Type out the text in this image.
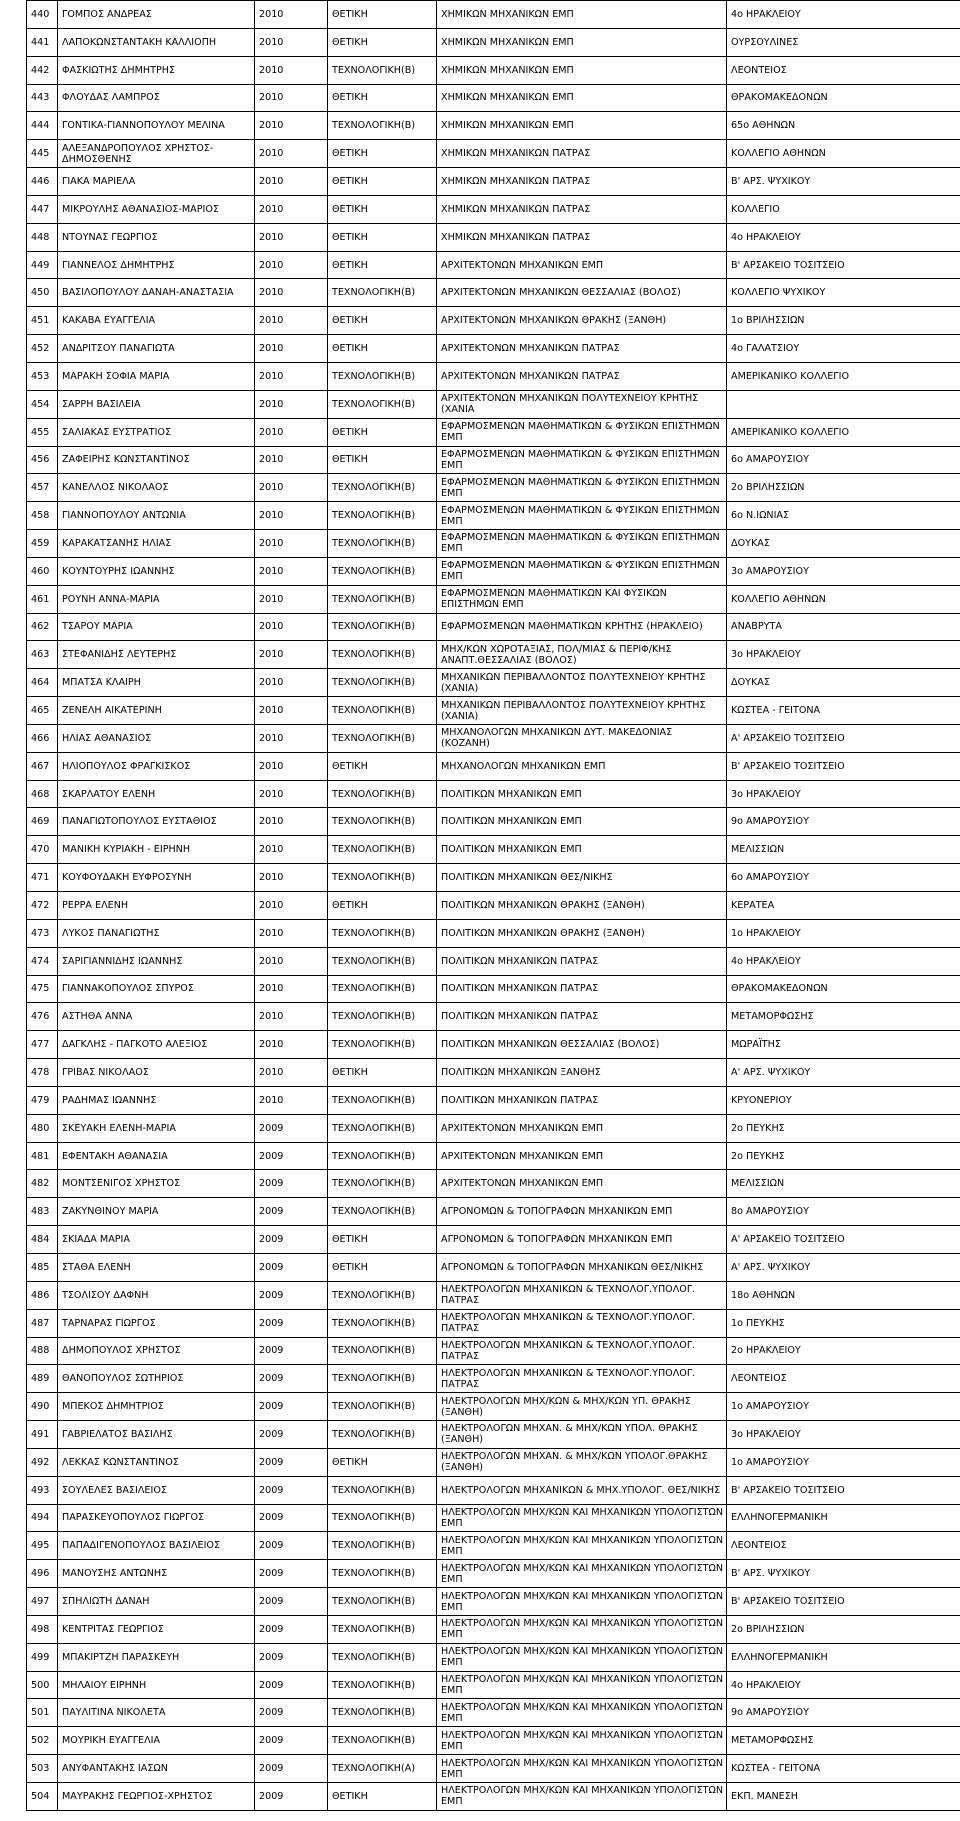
440	ΓΟΜΠΟΣ ΑΝΔΡΕΑΣ	2010	ΘΕΤΙΚΗ	ΧΗΜΙΚΩΝ ΜΗΧΑΝΙΚΩΝ ΕΜΠ	4ο ΗΡΑΚΛΕΙΟΥ
441	ΛΑΠΟΚΩΝΣΤΑΝΤΑΚΗ ΚΑΛΛΙΟΠΗ	2010	ΘΕΤΙΚΗ	ΧΗΜΙΚΩΝ ΜΗΧΑΝΙΚΩΝ ΕΜΠ	ΟΥΡΣΟΥΛΙΝΕΣ
442	ΦΑΣΚΙΩΤΗΣ ΔΗΜΗΤΡΗΣ	2010	ΤΕΧΝΟΛΟΓΙΚΗ(Β)	ΧΗΜΙΚΩΝ ΜΗΧΑΝΙΚΩΝ ΕΜΠ	ΛΕΟΝΤΕΙΟΣ
443	ΦΛΟΥΔΑΣ ΛΑΜΠΡΟΣ	2010	ΘΕΤΙΚΗ	ΧΗΜΙΚΩΝ ΜΗΧΑΝΙΚΩΝ ΕΜΠ	ΘΡΑΚΟΜΑΚΕΔΟΝΩΝ
444	ΓΟΝΤΙΚΑ-ΓΙΑΝΝΟΠΟΥΛΟΥ ΜΕΛΙΝΑ	2010	ΤΕΧΝΟΛΟΓΙΚΗ(Β)	ΧΗΜΙΚΩΝ ΜΗΧΑΝΙΚΩΝ ΕΜΠ	65ο ΑΘΗΝΩΝ
445	ΑΛΕΞΑΝΔΡΟΠΟΥΛΟΣ ΧΡΗΣΤΟΣ-ΔΗΜΟΣΘΕΝΗΣ	2010	ΘΕΤΙΚΗ	ΧΗΜΙΚΩΝ ΜΗΧΑΝΙΚΩΝ ΠΑΤΡΑΣ	ΚΟΛΛΕΓΙΟ ΑΘΗΝΩΝ
446	ΓΙΑΚΑ ΜΑΡΙΕΛΑ	2010	ΘΕΤΙΚΗ	ΧΗΜΙΚΩΝ ΜΗΧΑΝΙΚΩΝ ΠΑΤΡΑΣ	Β' ΑΡΣ. ΨΥΧΙΚΟΥ
447	ΜΙΚΡΟΥΛΗΣ ΑΘΑΝΑΣΙΟΣ-ΜΑΡΙΟΣ	2010	ΘΕΤΙΚΗ	ΧΗΜΙΚΩΝ ΜΗΧΑΝΙΚΩΝ ΠΑΤΡΑΣ	ΚΟΛΛΕΓΙΟ
448	ΝΤΟΥΝΑΣ ΓΕΩΡΓΙΟΣ	2010	ΘΕΤΙΚΗ	ΧΗΜΙΚΩΝ ΜΗΧΑΝΙΚΩΝ ΠΑΤΡΑΣ	4ο ΗΡΑΚΛΕΙΟΥ
449	ΓΙΑΝΝΕΛΟΣ ΔΗΜΗΤΡΗΣ	2010	ΘΕΤΙΚΗ	ΑΡΧΙΤΕΚΤΟΝΩΝ ΜΗΧΑΝΙΚΩΝ ΕΜΠ	Β' ΑΡΣΑΚΕΙΟ ΤΟΣΙΤΣΕΙΟ
450	ΒΑΣΙΛΟΠΟΥΛΟΥ ΔΑΝΑΗ-ΑΝΑΣΤΑΣΙΑ	2010	ΤΕΧΝΟΛΟΓΙΚΗ(Β)	ΑΡΧΙΤΕΚΤΟΝΩΝ ΜΗΧΑΝΙΚΩΝ ΘΕΣΣΑΛΙΑΣ (ΒΟΛΟΣ)	ΚΟΛΛΕΓΙΟ ΨΥΧΙΚΟΥ
451	ΚΑΚΑΒΑ ΕΥΑΓΓΕΛΙΑ	2010	ΘΕΤΙΚΗ	ΑΡΧΙΤΕΚΤΟΝΩΝ ΜΗΧΑΝΙΚΩΝ ΘΡΑΚΗΣ (ΞΑΝΘΗ)	1ο ΒΡΙΛΗΣΣΙΩΝ
452	ΑΝΔΡΙΤΣΟΥ ΠΑΝΑΓΙΩΤΑ	2010	ΘΕΤΙΚΗ	ΑΡΧΙΤΕΚΤΟΝΩΝ ΜΗΧΑΝΙΚΩΝ ΠΑΤΡΑΣ	4ο ΓΑΛΑΤΣΙΟΥ
453	ΜΑΡΑΚΗ ΣΟΦΙΑ ΜΑΡΙΑ	2010	ΤΕΧΝΟΛΟΓΙΚΗ(Β)	ΑΡΧΙΤΕΚΤΟΝΩΝ ΜΗΧΑΝΙΚΩΝ ΠΑΤΡΑΣ	ΑΜΕΡΙΚΑΝΙΚΟ ΚΟΛΛΕΓΙΟ
454	ΣΑΡΡΗ ΒΑΣΙΛΕΙΑ	2010	ΤΕΧΝΟΛΟΓΙΚΗ(Β)	ΑΡΧΙΤΕΚΤΟΝΩΝ ΜΗΧΑΝΙΚΩΝ ΠΟΛΥΤΕΧΝΕΙΟΥ ΚΡΗΤΗΣ (ΧΑΝΙΑ	
455	ΣΑΛΙΑΚΑΣ ΕΥΣΤΡΑΤΙΟΣ	2010	ΘΕΤΙΚΗ	ΕΦΑΡΜΟΣΜΕΝΩΝ ΜΑΘΗΜΑΤΙΚΩΝ & ΦΥΣΙΚΩΝ ΕΠΙΣΤΗΜΩΝ ΕΜΠ	ΑΜΕΡΙΚΑΝΙΚΟ ΚΟΛΛΕΓΙΟ
456	ΖΑΦΕΙΡΗΣ ΚΩΝΣΤΑΝΤΙΝΟΣ	2010	ΘΕΤΙΚΗ	ΕΦΑΡΜΟΣΜΕΝΩΝ ΜΑΘΗΜΑΤΙΚΩΝ & ΦΥΣΙΚΩΝ ΕΠΙΣΤΗΜΩΝ ΕΜΠ	6ο ΑΜΑΡΟΥΣΙΟΥ
457	ΚΑΝΕΛΛΟΣ ΝΙΚΟΛΑΟΣ	2010	ΤΕΧΝΟΛΟΓΙΚΗ(Β)	ΕΦΑΡΜΟΣΜΕΝΩΝ ΜΑΘΗΜΑΤΙΚΩΝ & ΦΥΣΙΚΩΝ ΕΠΙΣΤΗΜΩΝ ΕΜΠ	2ο ΒΡΙΛΗΣΣΙΩΝ
458	ΓΙΑΝΝΟΠΟΥΛΟΥ ΑΝΤΩΝΙΑ	2010	ΤΕΧΝΟΛΟΓΙΚΗ(Β)	ΕΦΑΡΜΟΣΜΕΝΩΝ ΜΑΘΗΜΑΤΙΚΩΝ & ΦΥΣΙΚΩΝ ΕΠΙΣΤΗΜΩΝ ΕΜΠ	6ο Ν.ΙΩΝΙΑΣ
459	ΚΑΡΑΚΑΤΣΑΝΗΣ ΗΛΙΑΣ	2010	ΤΕΧΝΟΛΟΓΙΚΗ(Β)	ΕΦΑΡΜΟΣΜΕΝΩΝ ΜΑΘΗΜΑΤΙΚΩΝ & ΦΥΣΙΚΩΝ ΕΠΙΣΤΗΜΩΝ ΕΜΠ	ΔΟΥΚΑΣ
460	ΚΟΥΝΤΟΥΡΗΣ ΙΩΑΝΝΗΣ	2010	ΤΕΧΝΟΛΟΓΙΚΗ(Β)	ΕΦΑΡΜΟΣΜΕΝΩΝ ΜΑΘΗΜΑΤΙΚΩΝ & ΦΥΣΙΚΩΝ ΕΠΙΣΤΗΜΩΝ ΕΜΠ	3ο ΑΜΑΡΟΥΣΙΟΥ
461	ΡΟΥΝΗ ΑΝΝΑ-ΜΑΡΙΑ	2010	ΤΕΧΝΟΛΟΓΙΚΗ(Β)	ΕΦΑΡΜΟΣΜΕΝΩΝ ΜΑΘΗΜΑΤΙΚΩΝ ΚΑΙ ΦΥΣΙΚΩΝ ΕΠΙΣΤΗΜΩΝ ΕΜΠ	ΚΟΛΛΕΓΙΟ ΑΘΗΝΩΝ
462	ΤΣΑΡΟΥ ΜΑΡΙΑ	2010	ΤΕΧΝΟΛΟΓΙΚΗ(Β)	ΕΦΑΡΜΟΣΜΕΝΩΝ ΜΑΘΗΜΑΤΙΚΩΝ ΚΡΗΤΗΣ (ΗΡΑΚΛΕΙΟ)	ΑΝΑΒΡΥΤΑ
463	ΣΤΕΦΑΝΙΔΗΣ ΛΕΥΤΕΡΗΣ	2010	ΤΕΧΝΟΛΟΓΙΚΗ(Β)	ΜΗΧ/ΚΩΝ ΧΩΡΟΤΑΞΙΑΣ, ΠΟΛ/ΜΙΑΣ & ΠΕΡΙΦ/ΚΗΣ ΑΝΑΠΤ.ΘΕΣΣΑΛΙΑΣ (ΒΟΛΟΣ)	3ο ΗΡΑΚΛΕΙΟΥ
464	ΜΠΑΤΣΑ ΚΛΑΙΡΗ	2010	ΤΕΧΝΟΛΟΓΙΚΗ(Β)	ΜΗΧΑΝΙΚΩΝ ΠΕΡΙΒΑΛΛΟΝΤΟΣ ΠΟΛΥΤΕΧΝΕΙΟΥ ΚΡΗΤΗΣ (ΧΑΝΙΑ)	ΔΟΥΚΑΣ
465	ΖΕΝΕΛΗ ΑΙΚΑΤΕΡΙΝΗ	2010	ΤΕΧΝΟΛΟΓΙΚΗ(Β)	ΜΗΧΑΝΙΚΩΝ ΠΕΡΙΒΑΛΛΟΝΤΟΣ ΠΟΛΥΤΕΧΝΕΙΟΥ ΚΡΗΤΗΣ (ΧΑΝΙΑ)	ΚΩΣΤΕΑ - ΓΕΙΤΟΝΑ
466	ΗΛΙΑΣ ΑΘΑΝΑΣΙΟΣ	2010	ΤΕΧΝΟΛΟΓΙΚΗ(Β)	ΜΗΧΑΝΟΛΟΓΩΝ ΜΗΧΑΝΙΚΩΝ ΔΥΤ. ΜΑΚΕΔΟΝΙΑΣ (ΚΟΖΑΝΗ)	Α' ΑΡΣΑΚΕΙΟ ΤΟΣΙΤΣΕΙΟ
467	ΗΛΙΟΠΟΥΛΟΣ ΦΡΑΓΚΙΣΚΟΣ	2010	ΘΕΤΙΚΗ	ΜΗΧΑΝΟΛΟΓΩΝ ΜΗΧΑΝΙΚΩΝ ΕΜΠ	Β' ΑΡΣΑΚΕΙΟ ΤΟΣΙΤΣΕΙΟ
468	ΣΚΑΡΛΑΤΟΥ ΕΛΕΝΗ	2010	ΤΕΧΝΟΛΟΓΙΚΗ(Β)	ΠΟΛΙΤΙΚΩΝ ΜΗΧΑΝΙΚΩΝ ΕΜΠ	3ο ΗΡΑΚΛΕΙΟΥ
469	ΠΑΝΑΓΙΩΤΟΠΟΥΛΟΣ ΕΥΣΤΑΘΙΟΣ	2010	ΤΕΧΝΟΛΟΓΙΚΗ(Β)	ΠΟΛΙΤΙΚΩΝ ΜΗΧΑΝΙΚΩΝ ΕΜΠ	9ο ΑΜΑΡΟΥΣΙΟΥ
470	ΜΑΝΙΚΗ ΚΥΡΙΑΚΗ - ΕΙΡΗΝΗ	2010	ΤΕΧΝΟΛΟΓΙΚΗ(Β)	ΠΟΛΙΤΙΚΩΝ ΜΗΧΑΝΙΚΩΝ ΕΜΠ	ΜΕΛΙΣΣΙΩΝ
471	ΚΟΥΦΟΥΔΑΚΗ ΕΥΦΡΟΣΥΝΗ	2010	ΤΕΧΝΟΛΟΓΙΚΗ(Β)	ΠΟΛΙΤΙΚΩΝ ΜΗΧΑΝΙΚΩΝ ΘΕΣ/ΝΙΚΗΣ	6ο ΑΜΑΡΟΥΣΙΟΥ
472	ΡΕΡΡΑ ΕΛΕΝΗ	2010	ΘΕΤΙΚΗ	ΠΟΛΙΤΙΚΩΝ ΜΗΧΑΝΙΚΩΝ ΘΡΑΚΗΣ (ΞΑΝΘΗ)	ΚΕΡΑΤΕΑ
473	ΛΥΚΟΣ ΠΑΝΑΓΙΩΤΗΣ	2010	ΤΕΧΝΟΛΟΓΙΚΗ(Β)	ΠΟΛΙΤΙΚΩΝ ΜΗΧΑΝΙΚΩΝ ΘΡΑΚΗΣ (ΞΑΝΘΗ)	1ο ΗΡΑΚΛΕΙΟΥ
474	ΣΑΡΙΓΙΑΝΝΙΔΗΣ ΙΩΑΝΝΗΣ	2010	ΤΕΧΝΟΛΟΓΙΚΗ(Β)	ΠΟΛΙΤΙΚΩΝ ΜΗΧΑΝΙΚΩΝ ΠΑΤΡΑΣ	4ο ΗΡΑΚΛΕΙΟΥ
475	ΓΙΑΝΝΑΚΟΠΟΥΛΟΣ ΣΠΥΡΟΣ	2010	ΤΕΧΝΟΛΟΓΙΚΗ(Β)	ΠΟΛΙΤΙΚΩΝ ΜΗΧΑΝΙΚΩΝ ΠΑΤΡΑΣ	ΘΡΑΚΟΜΑΚΕΔΟΝΩΝ
476	ΑΣΤΗΘΑ ΑΝΝΑ	2010	ΤΕΧΝΟΛΟΓΙΚΗ(Β)	ΠΟΛΙΤΙΚΩΝ ΜΗΧΑΝΙΚΩΝ ΠΑΤΡΑΣ	ΜΕΤΑΜΟΡΦΩΣΗΣ
477	ΔΑΓΚΛΗΣ - ΠΑΓΚΟΤΟ ΑΛΕΞΙΟΣ	2010	ΤΕΧΝΟΛΟΓΙΚΗ(Β)	ΠΟΛΙΤΙΚΩΝ ΜΗΧΑΝΙΚΩΝ ΘΕΣΣΑΛΙΑΣ (ΒΟΛΟΣ)	ΜΩΡΑΪΤΗΣ
478	ΓΡΙΒΑΣ ΝΙΚΟΛΑΟΣ	2010	ΘΕΤΙΚΗ	ΠΟΛΙΤΙΚΩΝ ΜΗΧΑΝΙΚΩΝ ΞΑΝΘΗΣ	Α' ΑΡΣ. ΨΥΧΙΚΟΥ
479	ΡΑΔΗΜΑΣ ΙΩΑΝΝΗΣ	2010	ΤΕΧΝΟΛΟΓΙΚΗ(Β)	ΠΟΛΙΤΙΚΩΝ ΜΗΧΑΝΙΚΩΝ ΠΑΤΡΑΣ	ΚΡΥΟΝΕΡΙΟΥ
480	ΣΚΕΥΑΚΗ ΕΛΕΝΗ-ΜΑΡΙΑ	2009	ΤΕΧΝΟΛΟΓΙΚΗ(Β)	ΑΡΧΙΤΕΚΤΟΝΩΝ ΜΗΧΑΝΙΚΩΝ ΕΜΠ	2ο ΠΕΥΚΗΣ
481	ΕΦΕΝΤΑΚΗ ΑΘΑΝΑΣΙΑ	2009	ΤΕΧΝΟΛΟΓΙΚΗ(Β)	ΑΡΧΙΤΕΚΤΟΝΩΝ ΜΗΧΑΝΙΚΩΝ ΕΜΠ	2ο ΠΕΥΚΗΣ
482	ΜΟΝΤΣΕΝΙΓΟΣ ΧΡΗΣΤΟΣ	2009	ΤΕΧΝΟΛΟΓΙΚΗ(Β)	ΑΡΧΙΤΕΚΤΟΝΩΝ ΜΗΧΑΝΙΚΩΝ ΕΜΠ	ΜΕΛΙΣΣΙΩΝ
483	ΖΑΚΥΝΘΙΝΟΥ ΜΑΡΙΑ	2009	ΤΕΧΝΟΛΟΓΙΚΗ(Β)	ΑΓΡΟΝΟΜΩΝ & ΤΟΠΟΓΡΑΦΩΝ ΜΗΧΑΝΙΚΩΝ ΕΜΠ	8ο ΑΜΑΡΟΥΣΙΟΥ
484	ΣΚΙΑΔΑ ΜΑΡΙΑ	2009	ΘΕΤΙΚΗ	ΑΓΡΟΝΟΜΩΝ & ΤΟΠΟΓΡΑΦΩΝ ΜΗΧΑΝΙΚΩΝ ΕΜΠ	Α' ΑΡΣΑΚΕΙΟ ΤΟΣΙΤΣΕΙΟ
485	ΣΤΑΘΑ ΕΛΕΝΗ	2009	ΘΕΤΙΚΗ	ΑΓΡΟΝΟΜΩΝ & ΤΟΠΟΓΡΑΦΩΝ ΜΗΧΑΝΙΚΩΝ ΘΕΣ/ΝΙΚΗΣ	Α' ΑΡΣ. ΨΥΧΙΚΟΥ
486	ΤΣΟΛΙΣΟΥ ΔΑΦΝΗ	2009	ΤΕΧΝΟΛΟΓΙΚΗ(Β)	ΗΛΕΚΤΡΟΛΟΓΩΝ ΜΗΧΑΝΙΚΩΝ & ΤΕΧΝΟΛΟΓ.ΥΠΟΛΟΓ. ΠΑΤΡΑΣ	18ο ΑΘΗΝΩΝ
487	ΤΑΡΝΑΡΑΣ ΓΙΩΡΓΟΣ	2009	ΤΕΧΝΟΛΟΓΙΚΗ(Β)	ΗΛΕΚΤΡΟΛΟΓΩΝ ΜΗΧΑΝΙΚΩΝ & ΤΕΧΝΟΛΟΓ.ΥΠΟΛΟΓ. ΠΑΤΡΑΣ	1ο ΠΕΥΚΗΣ
488	ΔΗΜΟΠΟΥΛΟΣ ΧΡΗΣΤΟΣ	2009	ΤΕΧΝΟΛΟΓΙΚΗ(Β)	ΗΛΕΚΤΡΟΛΟΓΩΝ ΜΗΧΑΝΙΚΩΝ & ΤΕΧΝΟΛΟΓ.ΥΠΟΛΟΓ. ΠΑΤΡΑΣ	2ο ΗΡΑΚΛΕΙΟΥ
489	ΘΑΝΟΠΟΥΛΟΣ ΣΩΤΗΡΙΟΣ	2009	ΤΕΧΝΟΛΟΓΙΚΗ(Β)	ΗΛΕΚΤΡΟΛΟΓΩΝ ΜΗΧΑΝΙΚΩΝ & ΤΕΧΝΟΛΟΓ.ΥΠΟΛΟΓ. ΠΑΤΡΑΣ	ΛΕΟΝΤΕΙΟΣ
490	ΜΠΕΚΟΣ ΔΗΜΗΤΡΙΟΣ	2009	ΤΕΧΝΟΛΟΓΙΚΗ(Β)	ΗΛΕΚΤΡΟΛΟΓΩΝ ΜΗΧ/ΚΩΝ & ΜΗΧ/ΚΩΝ ΥΠ. ΘΡΑΚΗΣ (ΞΑΝΘΗ)	1ο ΑΜΑΡΟΥΣΙΟΥ
491	ΓΑΒΡΙΕΛΑΤΟΣ ΒΑΣΙΛΗΣ	2009	ΤΕΧΝΟΛΟΓΙΚΗ(Β)	ΗΛΕΚΤΡΟΛΟΓΩΝ ΜΗΧΑΝ. & ΜΗΧ/ΚΩΝ ΥΠΟΛ. ΘΡΑΚΗΣ (ΞΑΝΘΗ)	3ο ΗΡΑΚΛΕΙΟΥ
492	ΛΕΚΚΑΣ ΚΩΝΣΤΑΝΤΙΝΟΣ	2009	ΘΕΤΙΚΗ	ΗΛΕΚΤΡΟΛΟΓΩΝ ΜΗΧΑΝ. & ΜΗΧ/ΚΩΝ ΥΠΟΛΟΓ.ΘΡΑΚΗΣ (ΞΑΝΘΗ)	1ο ΑΜΑΡΟΥΣΙΟΥ
493	ΣΟΥΛΕΛΕΣ ΒΑΣΙΛΕΙΟΣ	2009	ΤΕΧΝΟΛΟΓΙΚΗ(Β)	ΗΛΕΚΤΡΟΛΟΓΩΝ ΜΗΧΑΝΙΚΩΝ & ΜΗΧ.ΥΠΟΛΟΓ. ΘΕΣ/ΝΙΚΗΣ	Β' ΑΡΣΑΚΕΙΟ ΤΟΣΙΤΣΕΙΟ
494	ΠΑΡΑΣΚΕΥΟΠΟΥΛΟΣ ΓΙΩΡΓΟΣ	2009	ΤΕΧΝΟΛΟΓΙΚΗ(Β)	ΗΛΕΚΤΡΟΛΟΓΩΝ ΜΗΧ/ΚΩΝ ΚΑΙ ΜΗΧΑΝΙΚΩΝ ΥΠΟΛΟΓΙΣΤΩΝ ΕΜΠ	ΕΛΛΗΝΟΓΕΡΜΑΝΙΚΗ
495	ΠΑΠΑΔΙΓΕΝΟΠΟΥΛΟΣ ΒΑΣΙΛΕΙΟΣ	2009	ΤΕΧΝΟΛΟΓΙΚΗ(Β)	ΗΛΕΚΤΡΟΛΟΓΩΝ ΜΗΧ/ΚΩΝ ΚΑΙ ΜΗΧΑΝΙΚΩΝ ΥΠΟΛΟΓΙΣΤΩΝ ΕΜΠ	ΛΕΟΝΤΕΙΟΣ
496	ΜΑΝΟΥΣΗΣ ΑΝΤΩΝΗΣ	2009	ΤΕΧΝΟΛΟΓΙΚΗ(Β)	ΗΛΕΚΤΡΟΛΟΓΩΝ ΜΗΧ/ΚΩΝ ΚΑΙ ΜΗΧΑΝΙΚΩΝ ΥΠΟΛΟΓΙΣΤΩΝ ΕΜΠ	Β' ΑΡΣ. ΨΥΧΙΚΟΥ
497	ΣΠΗΛΙΩΤΗ ΔΑΝΑΗ	2009	ΤΕΧΝΟΛΟΓΙΚΗ(Β)	ΗΛΕΚΤΡΟΛΟΓΩΝ ΜΗΧ/ΚΩΝ ΚΑΙ ΜΗΧΑΝΙΚΩΝ ΥΠΟΛΟΓΙΣΤΩΝ ΕΜΠ	Β' ΑΡΣΑΚΕΙΟ ΤΟΣΙΤΣΕΙΟ
498	ΚΕΝΤΡΙΤΑΣ ΓΕΩΡΓΙΟΣ	2009	ΤΕΧΝΟΛΟΓΙΚΗ(Β)	ΗΛΕΚΤΡΟΛΟΓΩΝ ΜΗΧ/ΚΩΝ ΚΑΙ ΜΗΧΑΝΙΚΩΝ ΥΠΟΛΟΓΙΣΤΩΝ ΕΜΠ	2ο ΒΡΙΛΗΣΣΙΩΝ
499	ΜΠΑΚΙΡΤΖΗ ΠΑΡΑΣΚΕΥΗ	2009	ΤΕΧΝΟΛΟΓΙΚΗ(Β)	ΗΛΕΚΤΡΟΛΟΓΩΝ ΜΗΧ/ΚΩΝ ΚΑΙ ΜΗΧΑΝΙΚΩΝ ΥΠΟΛΟΓΙΣΤΩΝ ΕΜΠ	ΕΛΛΗΝΟΓΕΡΜΑΝΙΚΗ
500	ΜΗΛΑΙΟΥ ΕΙΡΗΝΗ	2009	ΤΕΧΝΟΛΟΓΙΚΗ(Β)	ΗΛΕΚΤΡΟΛΟΓΩΝ ΜΗΧ/ΚΩΝ ΚΑΙ ΜΗΧΑΝΙΚΩΝ ΥΠΟΛΟΓΙΣΤΩΝ ΕΜΠ	4ο ΗΡΑΚΛΕΙΟΥ
501	ΠΑΥΛΙΤΙΝΑ ΝΙΚΟΛΕΤΑ	2009	ΤΕΧΝΟΛΟΓΙΚΗ(Β)	ΗΛΕΚΤΡΟΛΟΓΩΝ ΜΗΧ/ΚΩΝ ΚΑΙ ΜΗΧΑΝΙΚΩΝ ΥΠΟΛΟΓΙΣΤΩΝ ΕΜΠ	9ο ΑΜΑΡΟΥΣΙΟΥ
502	ΜΟΥΡΙΚΗ ΕΥΑΓΓΕΛΙΑ	2009	ΤΕΧΝΟΛΟΓΙΚΗ(Β)	ΗΛΕΚΤΡΟΛΟΓΩΝ ΜΗΧ/ΚΩΝ ΚΑΙ ΜΗΧΑΝΙΚΩΝ ΥΠΟΛΟΓΙΣΤΩΝ ΕΜΠ	ΜΕΤΑΜΟΡΦΩΣΗΣ
503	ΑΝΥΦΑΝΤΑΚΗΣ ΙΑΣΩΝ	2009	ΤΕΧΝΟΛΟΓΙΚΗ(Α)	ΗΛΕΚΤΡΟΛΟΓΩΝ ΜΗΧ/ΚΩΝ ΚΑΙ ΜΗΧΑΝΙΚΩΝ ΥΠΟΛΟΓΙΣΤΩΝ ΕΜΠ	ΚΩΣΤΕΑ - ΓΕΙΤΟΝΑ
504	ΜΑΥΡΑΚΗΣ ΓΕΩΡΓΙΟΣ-ΧΡΗΣΤΟΣ	2009	ΘΕΤΙΚΗ	ΗΛΕΚΤΡΟΛΟΓΩΝ ΜΗΧ/ΚΩΝ ΚΑΙ ΜΗΧΑΝΙΚΩΝ ΥΠΟΛΟΓΙΣΤΩΝ ΕΜΠ	ΕΚΠ. ΜΑΝΕΣΗ
